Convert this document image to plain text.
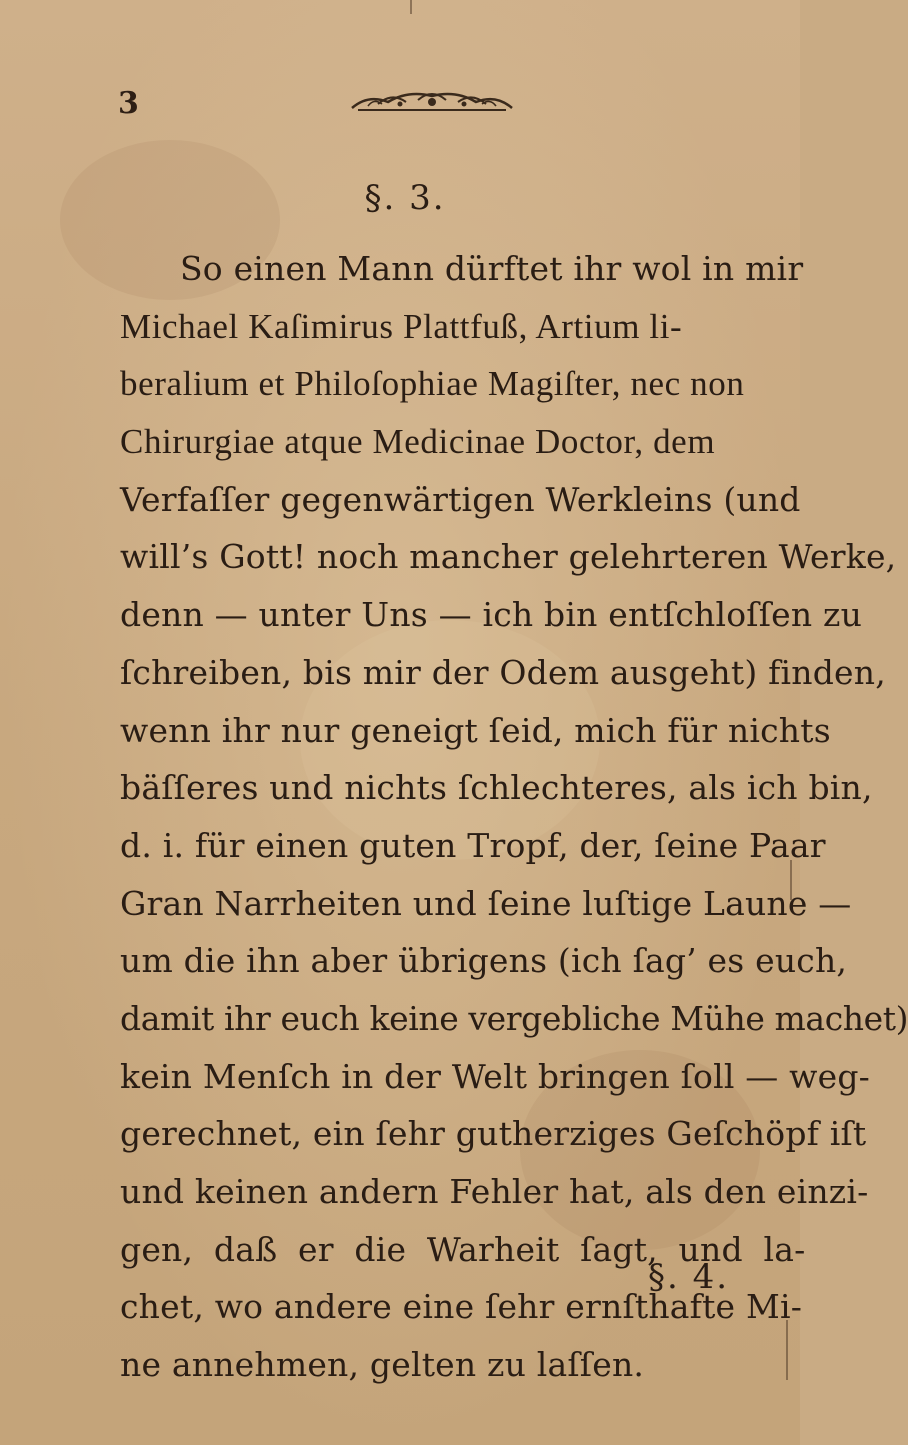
3
§. 3.
So einen Mann dürftet ihr wol in mir
Michael Kaſimirus Plattfuß, Artium li-
beralium et Philoſophiae Magiſter, nec non
Chirurgiae atque Medicinae Doctor, dem
Verfaſſer gegenwärtigen Werkleins (und
will’s Gott! noch mancher gelehrteren Werke,
denn — unter Uns — ich bin entſchloſſen zu
ſchreiben, bis mir der Odem ausgeht) finden,
wenn ihr nur geneigt ſeid, mich für nichts
bäſſeres und nichts ſchlechteres, als ich bin,
d. i. für einen guten Tropf, der, ſeine Paar
Gran Narrheiten und ſeine luſtige Laune —
um die ihn aber übrigens (ich ſag’ es euch,
damit ihr euch keine vergebliche Mühe machet)
kein Menſch in der Welt bringen ſoll — weg-
gerechnet, ein ſehr gutherziges Geſchöpf iſt
und keinen andern Fehler hat, als den einzi-
gen, daß er die Warheit ſagt, und la-
chet, wo andere eine ſehr ernſthafte Mi-
ne annehmen, gelten zu laſſen.
§. 4.
